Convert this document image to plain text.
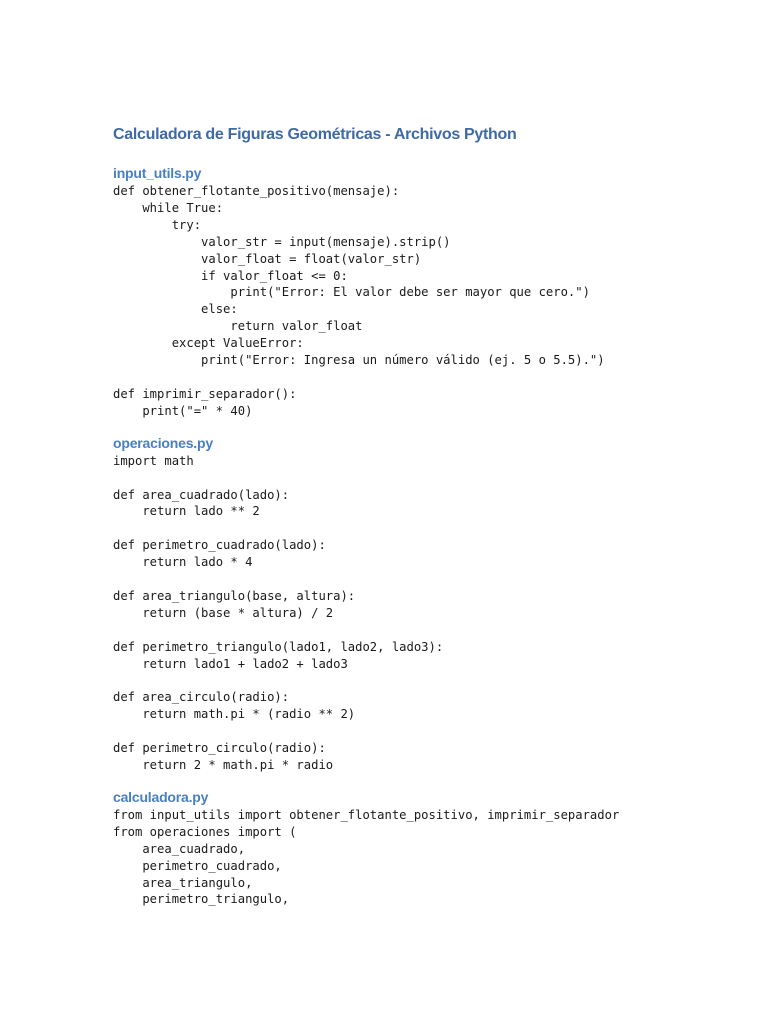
Calculadora de Figuras Geométricas - Archivos Python
input_utils.py
def obtener_flotante_positivo(mensaje):
while True:
try:
valor_str = input(mensaje).strip()
valor_float = float(valor_str)
if valor_float <= 0:
print("Error: El valor debe ser mayor que cero.")
else:
return valor_float
except ValueError:
print("Error: Ingresa un número válido (ej. 5 o 5.5).")

def imprimir_separador():
print("=" * 40)
operaciones.py
import math

def area_cuadrado(lado):
return lado ** 2

def perimetro_cuadrado(lado):
return lado * 4

def area_triangulo(base, altura):
return (base * altura) / 2

def perimetro_triangulo(lado1, lado2, lado3):
return lado1 + lado2 + lado3

def area_circulo(radio):
return math.pi * (radio ** 2)

def perimetro_circulo(radio):
return 2 * math.pi * radio
calculadora.py
from input_utils import obtener_flotante_positivo, imprimir_separador
from operaciones import (
area_cuadrado,
perimetro_cuadrado,
area_triangulo,
perimetro_triangulo,
